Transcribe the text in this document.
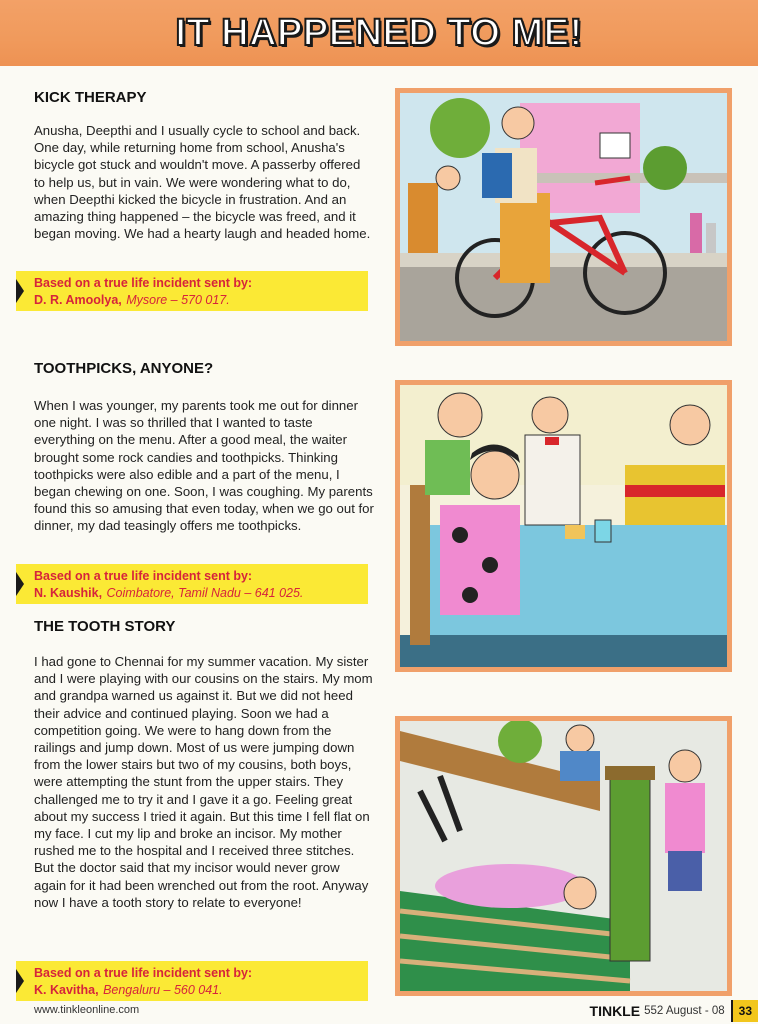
IT HAPPENED TO ME!
KICK THERAPY

Anusha, Deepthi and I usually cycle to school and back. One day, while returning home from school, Anusha's bicycle got stuck and wouldn't move. A passerby offered to help us, but in vain. We were wondering what to do, when Deepthi kicked the bicycle in frustration. And an amazing thing happened – the bicycle was freed, and it began moving. We had a hearty laugh and headed home.

Based on a true life incident sent by:
D. R. Amoolya, Mysore – 570 017.
TOOTHPICKS, ANYONE?

When I was younger, my parents took me out for dinner one night. I was so thrilled that I wanted to taste everything on the menu. After a good meal, the waiter brought some rock candies and toothpicks. Thinking toothpicks were also edible and a part of the menu, I began chewing on one. Soon, I was coughing. My parents found this so amusing that even today, when we go out for dinner, my dad teasingly offers me toothpicks.

Based on a true life incident sent by:
N. Kaushik, Coimbatore, Tamil Nadu – 641 025.
THE TOOTH STORY

I had gone to Chennai for my summer vacation. My sister and I were playing with our cousins on the stairs. My mom and grandpa warned us against it. But we did not heed their advice and continued playing. Soon we had a competition going. We were to hang down from the railings and jump down. Most of us were jumping down from the lower stairs but two of my cousins, both boys, were attempting the stunt from the upper stairs. They challenged me to try it and I gave it a go. Feeling great about my success I tried it again. But this time I fell flat on my face. I cut my lip and broke an incisor. My mother rushed me to the hospital and I received three stitches. But the doctor said that my incisor would never grow again for it had been wrenched out from the root. Anyway now I have a tooth story to relate to everyone!

Based on a true life incident sent by:
K. Kavitha, Bengaluru – 560 041.
www.tinkleonline.com	TINKLE 552 August - 08	33
